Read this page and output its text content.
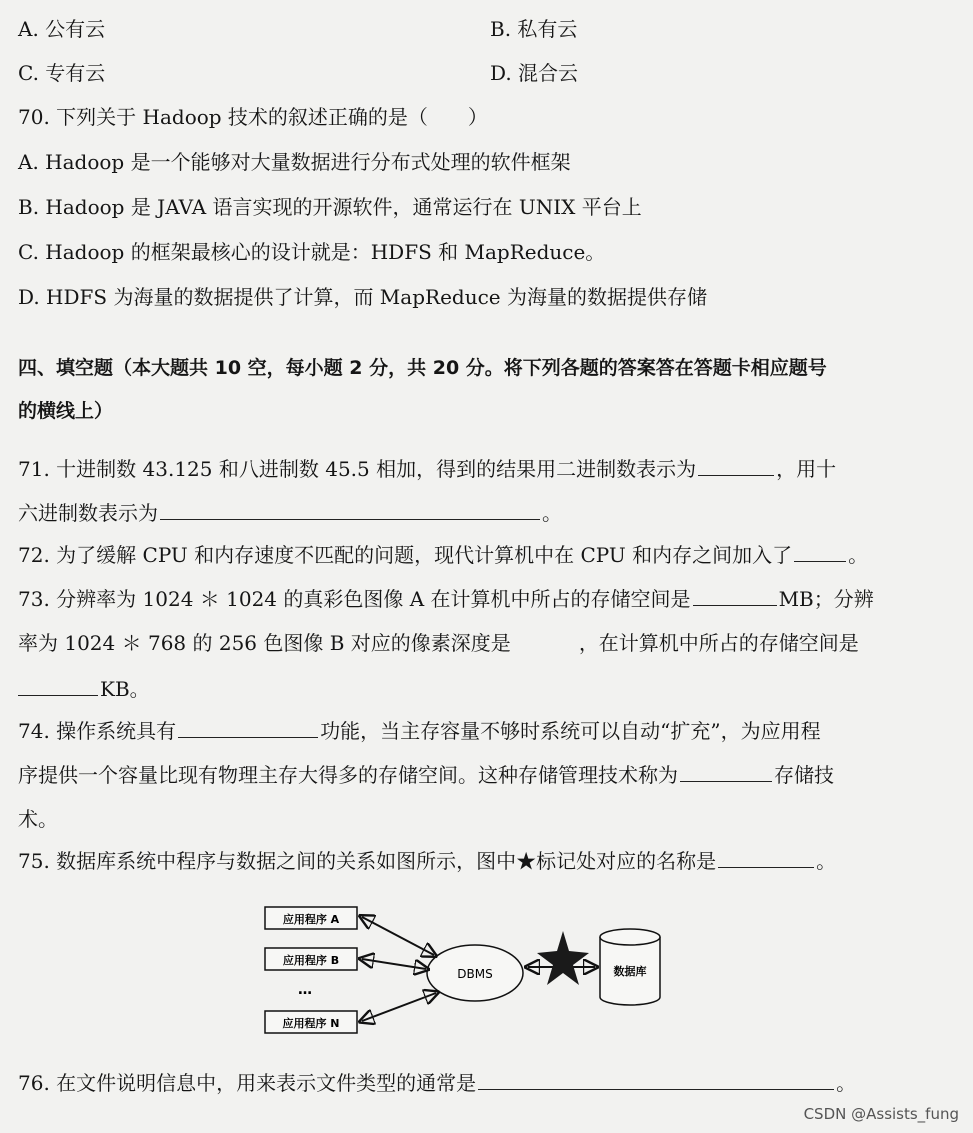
A. 公有云	B. 私有云
C. 专有云	D. 混合云
70. 下列关于 Hadoop 技术的叙述正确的是（　　）
A. Hadoop 是一个能够对大量数据进行分布式处理的软件框架
B. Hadoop 是 JAVA 语言实现的开源软件，通常运行在 UNIX 平台上
C. Hadoop 的框架最核心的设计就是：HDFS 和 MapReduce。
D. HDFS 为海量的数据提供了计算，而 MapReduce 为海量的数据提供存储
四、填空题（本大题共 10 空，每小题 2 分，共 20 分。将下列各题的答案答在答题卡相应题号
的横线上）
71. 十进制数 43.125 和八进制数 45.5 相加，得到的结果用二进制数表示为	，用十
六进制数表示为	。
72. 为了缓解 CPU 和内存速度不匹配的问题，现代计算机中在 CPU 和内存之间加入了	。
73. 分辨率为 1024 ＊ 1024 的真彩色图像 A 在计算机中所占的存储空间是	MB；分辨
率为 1024 ＊ 768 的 256 色图像 B 对应的像素深度是	，在计算机中所占的存储空间是
KB。
74. 操作系统具有	功能，当主存容量不够时系统可以自动“扩充”，为应用程
序提供一个容量比现有物理主存大得多的存储空间。这种存储管理技术称为	存储技
术。
75. 数据库系统中程序与数据之间的关系如图所示，图中★标记处对应的名称是	。
应用程序 A
应用程序 B
…
应用程序 N
DBMS	数据库
76. 在文件说明信息中，用来表示文件类型的通常是	。
CSDN @Assists_fung
